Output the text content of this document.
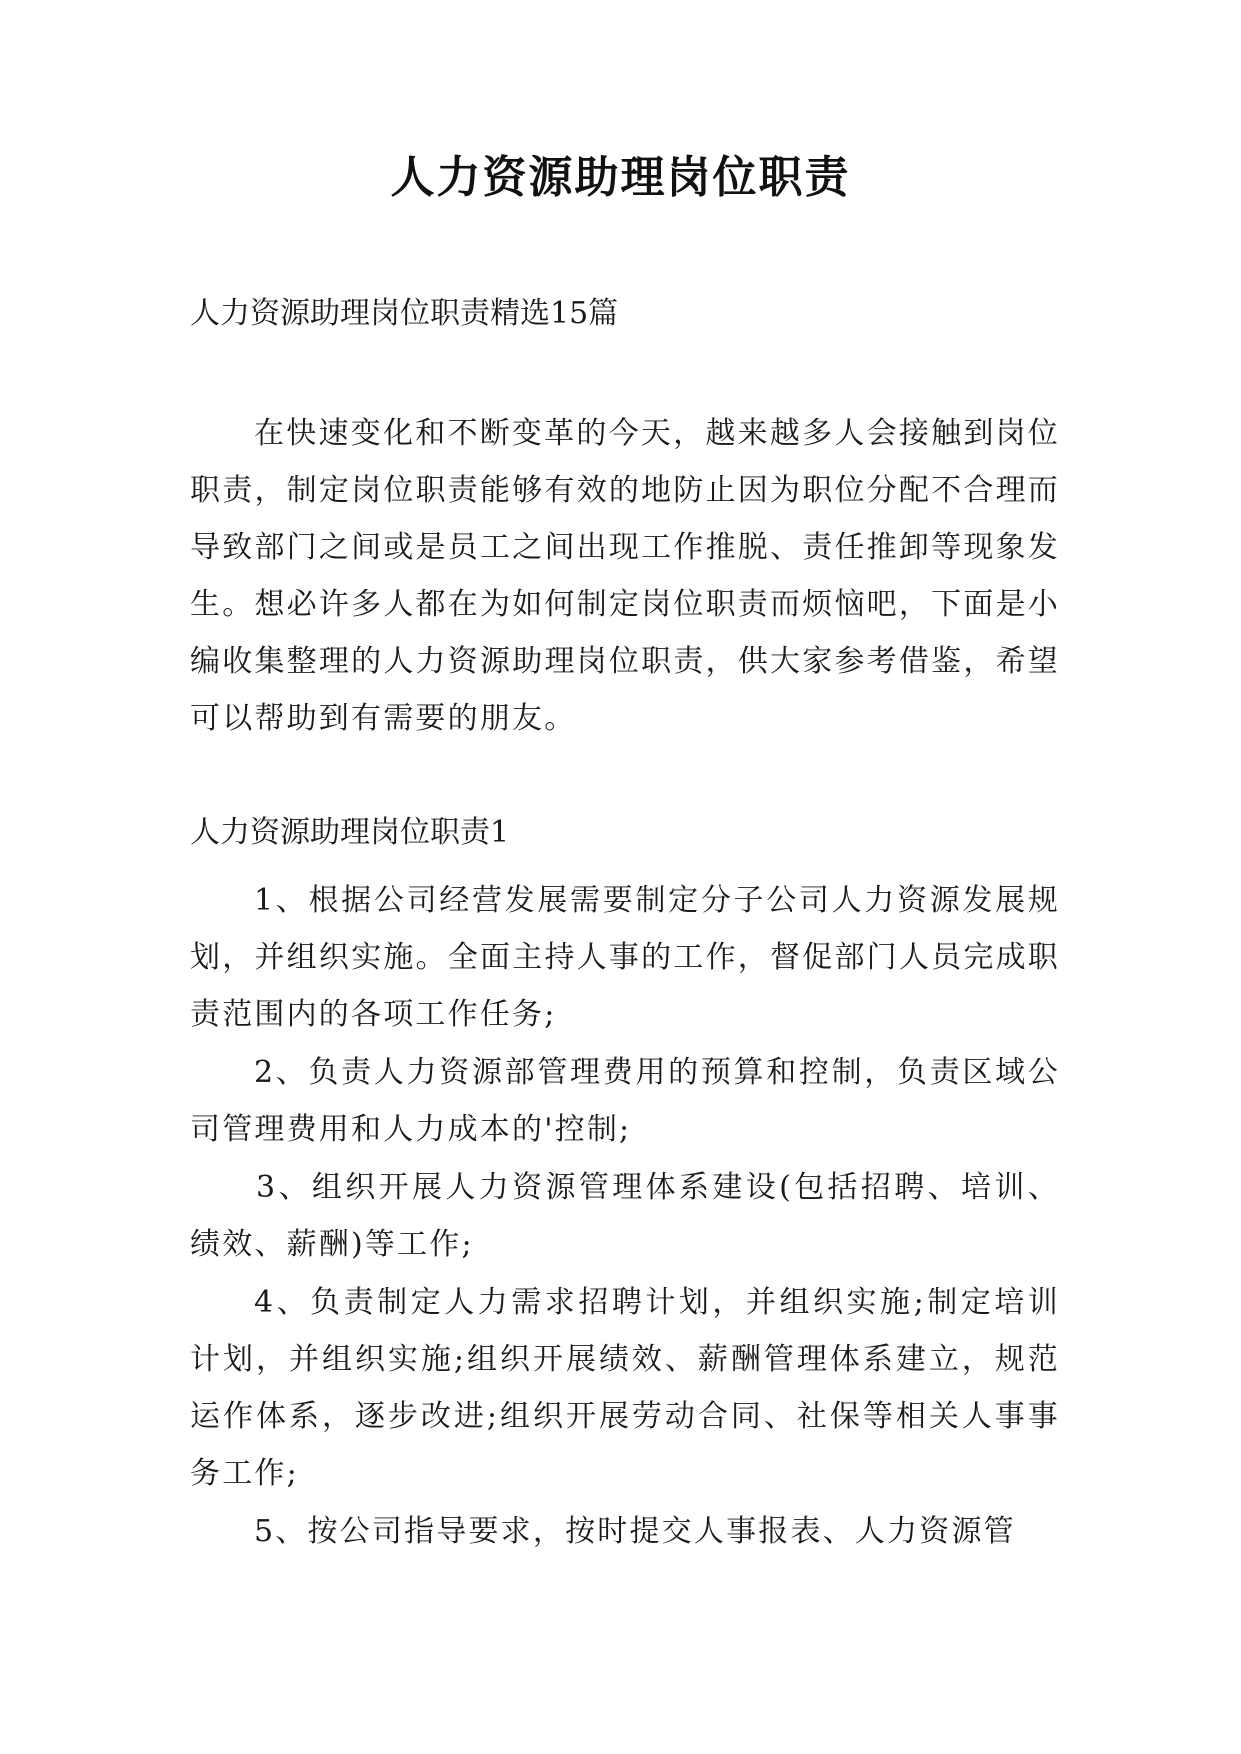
人力资源助理岗位职责

人力资源助理岗位职责精选15篇

在快速变化和不断变革的今天，越来越多人会接触到岗位职责，制定岗位职责能够有效的地防止因为职位分配不合理而导致部门之间或是员工之间出现工作推脱、责任推卸等现象发生。想必许多人都在为如何制定岗位职责而烦恼吧，下面是小编收集整理的人力资源助理岗位职责，供大家参考借鉴，希望可以帮助到有需要的朋友。

人力资源助理岗位职责1

1、根据公司经营发展需要制定分子公司人力资源发展规划，并组织实施。全面主持人事的工作，督促部门人员完成职责范围内的各项工作任务;

2、负责人力资源部管理费用的预算和控制，负责区域公司管理费用和人力成本的'控制;

3、组织开展人力资源管理体系建设(包括招聘、培训、绩效、薪酬)等工作;

4、负责制定人力需求招聘计划，并组织实施;制定培训计划，并组织实施;组织开展绩效、薪酬管理体系建立，规范运作体系，逐步改进;组织开展劳动合同、社保等相关人事事务工作;

5、按公司指导要求，按时提交人事报表、人力资源管
